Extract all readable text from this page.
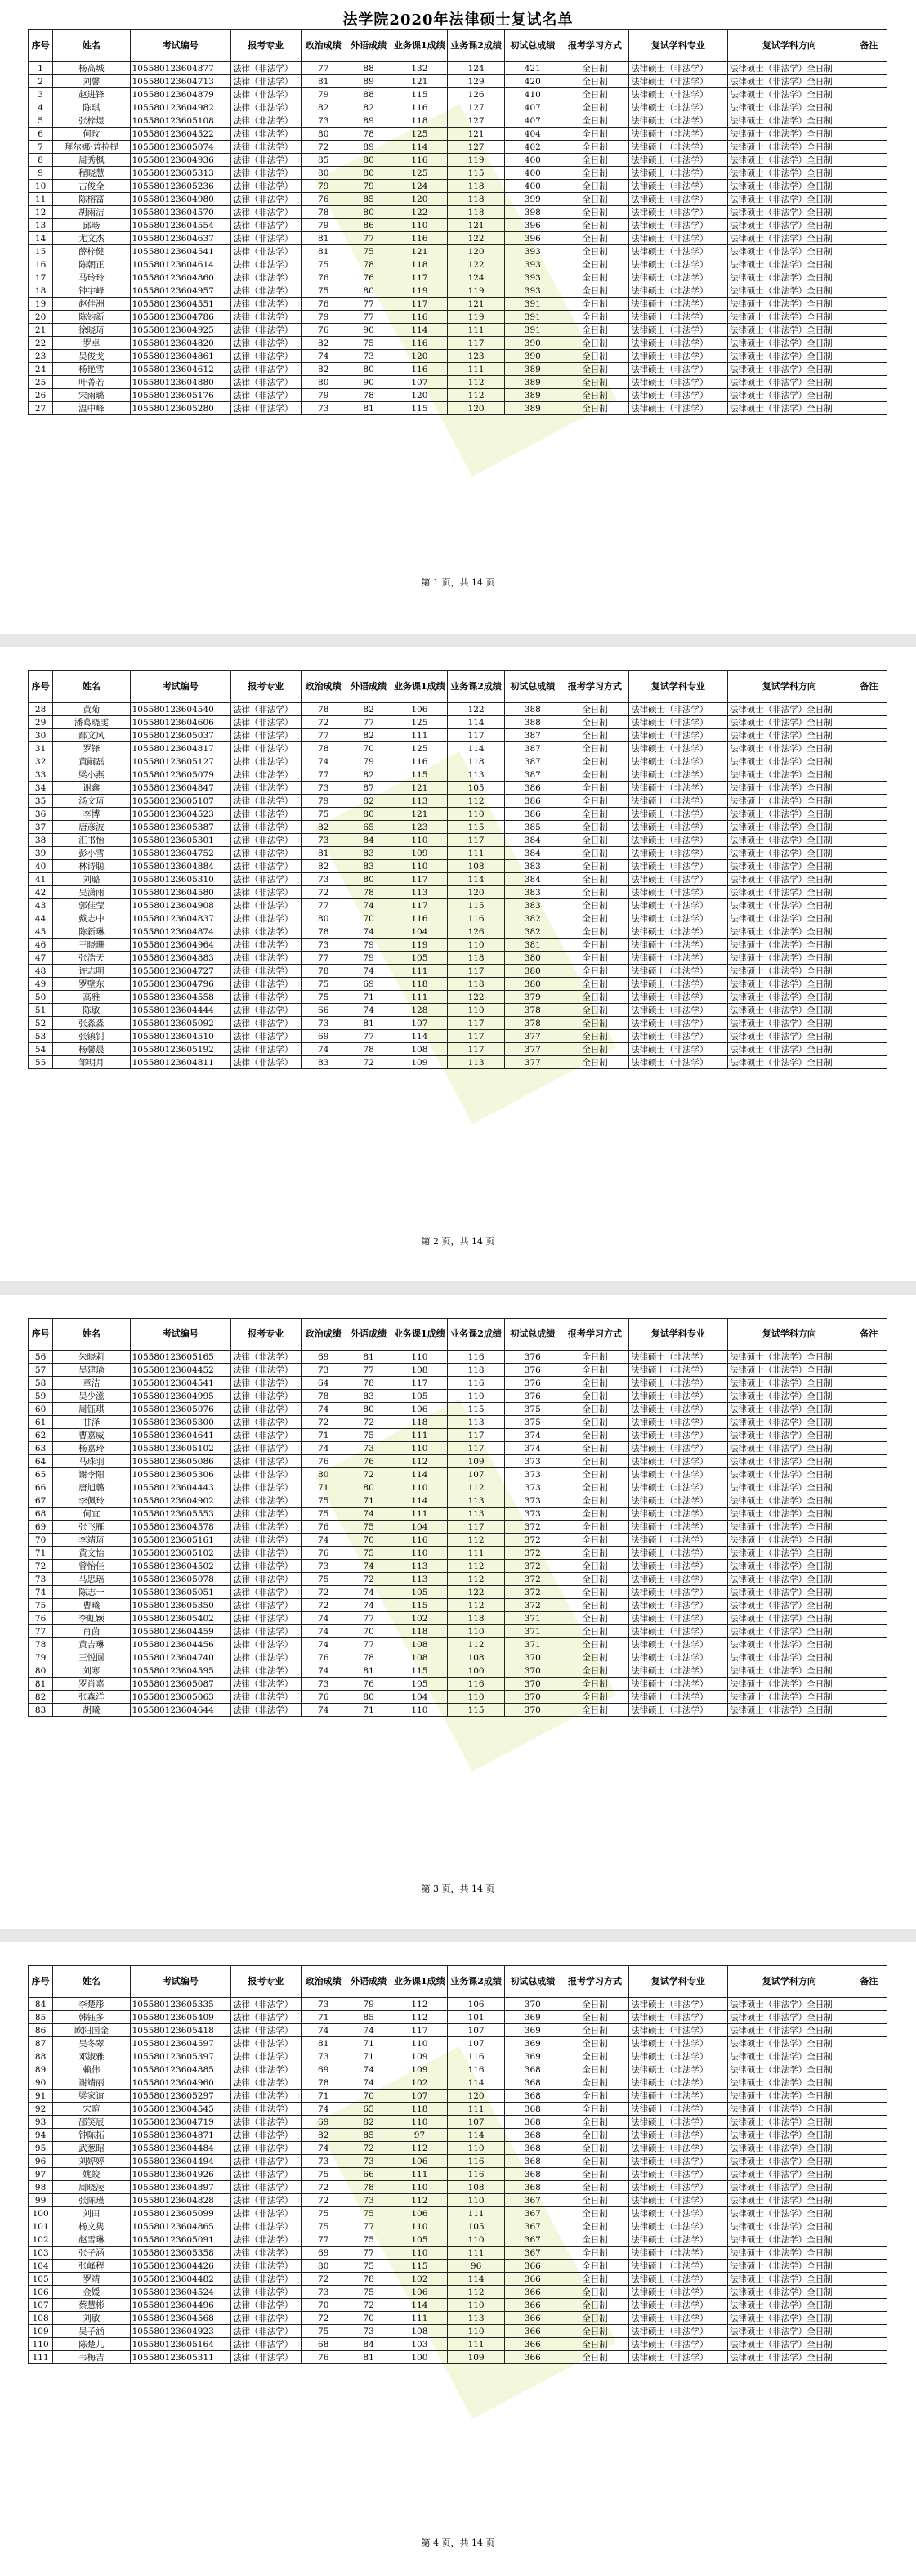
法学院2020年法律硕士复试名单
序号	姓名	考试编号	报考专业	政治成绩	外语成绩	业务课1成绩	业务课2成绩	初试总成绩	报考学习方式	复试学科专业	复试学科方向	备注
1	杨高城	105580123604877	法律（非法学）	77	88	132	124	421	全日制	法律硕士（非法学）	法律硕士（非法学）全日制	
2	刘馨	105580123604713	法律（非法学）	81	89	121	129	420	全日制	法律硕士（非法学）	法律硕士（非法学）全日制	
3	赵进锋	105580123604879	法律（非法学）	79	88	115	126	410	全日制	法律硕士（非法学）	法律硕士（非法学）全日制	
4	陈琪	105580123604982	法律（非法学）	82	82	116	127	407	全日制	法律硕士（非法学）	法律硕士（非法学）全日制	
5	张梓煜	105580123605108	法律（非法学）	73	89	118	127	407	全日制	法律硕士（非法学）	法律硕士（非法学）全日制	
6	何玫	105580123604522	法律（非法学）	80	78	125	121	404	全日制	法律硕士（非法学）	法律硕士（非法学）全日制	
7	拜尔娜·普拉提	105580123605074	法律（非法学）	72	89	114	127	402	全日制	法律硕士（非法学）	法律硕士（非法学）全日制	
8	周秀枫	105580123604936	法律（非法学）	85	80	116	119	400	全日制	法律硕士（非法学）	法律硕士（非法学）全日制	
9	程晓慧	105580123605313	法律（非法学）	80	80	125	115	400	全日制	法律硕士（非法学）	法律硕士（非法学）全日制	
10	古俊全	105580123605236	法律（非法学）	79	79	124	118	400	全日制	法律硕士（非法学）	法律硕士（非法学）全日制	
11	陈榕富	105580123604980	法律（非法学）	76	85	120	118	399	全日制	法律硕士（非法学）	法律硕士（非法学）全日制	
12	胡雨洁	105580123604570	法律（非法学）	78	80	122	118	398	全日制	法律硕士（非法学）	法律硕士（非法学）全日制	
13	邱旸	105580123604554	法律（非法学）	79	86	110	121	396	全日制	法律硕士（非法学）	法律硕士（非法学）全日制	
14	尤文杰	105580123604637	法律（非法学）	81	77	116	122	396	全日制	法律硕士（非法学）	法律硕士（非法学）全日制	
15	薛梓健	105580123604541	法律（非法学）	81	75	121	120	393	全日制	法律硕士（非法学）	法律硕士（非法学）全日制	
16	陈朝正	105580123604614	法律（非法学）	75	78	118	122	393	全日制	法律硕士（非法学）	法律硕士（非法学）全日制	
17	马玲玲	105580123604860	法律（非法学）	76	76	117	124	393	全日制	法律硕士（非法学）	法律硕士（非法学）全日制	
18	钟宇峰	105580123604957	法律（非法学）	75	80	119	119	393	全日制	法律硕士（非法学）	法律硕士（非法学）全日制	
19	赵佳洲	105580123604551	法律（非法学）	76	77	117	121	391	全日制	法律硕士（非法学）	法律硕士（非法学）全日制	
20	陈钧新	105580123604786	法律（非法学）	79	77	116	119	391	全日制	法律硕士（非法学）	法律硕士（非法学）全日制	
21	徐晓琦	105580123604925	法律（非法学）	76	90	114	111	391	全日制	法律硕士（非法学）	法律硕士（非法学）全日制	
22	罗卓	105580123604820	法律（非法学）	82	75	116	117	390	全日制	法律硕士（非法学）	法律硕士（非法学）全日制	
23	吴俊戈	105580123604861	法律（非法学）	74	73	120	123	390	全日制	法律硕士（非法学）	法律硕士（非法学）全日制	
24	杨艳雪	105580123604612	法律（非法学）	82	80	116	111	389	全日制	法律硕士（非法学）	法律硕士（非法学）全日制	
25	叶菁若	105580123604880	法律（非法学）	80	90	107	112	389	全日制	法律硕士（非法学）	法律硕士（非法学）全日制	
26	宋雨璐	105580123605176	法律（非法学）	79	78	120	112	389	全日制	法律硕士（非法学）	法律硕士（非法学）全日制	
27	温中峰	105580123605280	法律（非法学）	73	81	115	120	389	全日制	法律硕士（非法学）	法律硕士（非法学）全日制	
第 1 页，共 14 页
序号	姓名	考试编号	报考专业	政治成绩	外语成绩	业务课1成绩	业务课2成绩	初试总成绩	报考学习方式	复试学科专业	复试学科方向	备注
28	黄菊	105580123604540	法律（非法学）	78	82	106	122	388	全日制	法律硕士（非法学）	法律硕士（非法学）全日制	
29	潘葛晓雯	105580123604606	法律（非法学）	72	77	125	114	388	全日制	法律硕士（非法学）	法律硕士（非法学）全日制	
30	鄢文风	105580123605037	法律（非法学）	77	82	111	117	387	全日制	法律硕士（非法学）	法律硕士（非法学）全日制	
31	罗锋	105580123604817	法律（非法学）	78	70	125	114	387	全日制	法律硕士（非法学）	法律硕士（非法学）全日制	
32	黄嗣磊	105580123605127	法律（非法学）	74	79	116	118	387	全日制	法律硕士（非法学）	法律硕士（非法学）全日制	
33	梁小燕	105580123605079	法律（非法学）	77	82	115	113	387	全日制	法律硕士（非法学）	法律硕士（非法学）全日制	
34	谢鑫	105580123604847	法律（非法学）	73	87	121	105	386	全日制	法律硕士（非法学）	法律硕士（非法学）全日制	
35	汤文琦	105580123605107	法律（非法学）	79	82	113	112	386	全日制	法律硕士（非法学）	法律硕士（非法学）全日制	
36	李博	105580123604523	法律（非法学）	75	80	121	110	386	全日制	法律硕士（非法学）	法律硕士（非法学）全日制	
37	唐彦波	105580123605387	法律（非法学）	82	65	123	115	385	全日制	法律硕士（非法学）	法律硕士（非法学）全日制	
38	汇书怡	105580123605301	法律（非法学）	73	84	110	117	384	全日制	法律硕士（非法学）	法律硕士（非法学）全日制	
39	彭小雪	105580123604752	法律（非法学）	81	83	109	111	384	全日制	法律硕士（非法学）	法律硕士（非法学）全日制	
40	林诗聪	105580123604884	法律（非法学）	82	83	110	108	383	全日制	法律硕士（非法学）	法律硕士（非法学）全日制	
41	刘璐	105580123605310	法律（非法学）	73	80	117	114	384	全日制	法律硕士（非法学）	法律硕士（非法学）全日制	
42	吴潇雨	105580123604580	法律（非法学）	72	78	113	120	383	全日制	法律硕士（非法学）	法律硕士（非法学）全日制	
43	郭佳莹	105580123604908	法律（非法学）	77	74	117	115	383	全日制	法律硕士（非法学）	法律硕士（非法学）全日制	
44	戴志中	105580123604837	法律（非法学）	80	70	116	116	382	全日制	法律硕士（非法学）	法律硕士（非法学）全日制	
45	陈新琳	105580123604874	法律（非法学）	78	74	104	126	382	全日制	法律硕士（非法学）	法律硕士（非法学）全日制	
46	王晓珊	105580123604964	法律（非法学）	73	79	119	110	381	全日制	法律硕士（非法学）	法律硕士（非法学）全日制	
47	张浩天	105580123604883	法律（非法学）	77	79	105	118	380	全日制	法律硕士（非法学）	法律硕士（非法学）全日制	
48	许志明	105580123604727	法律（非法学）	78	74	111	117	380	全日制	法律硕士（非法学）	法律硕士（非法学）全日制	
49	罗壁东	105580123604796	法律（非法学）	75	69	118	118	380	全日制	法律硕士（非法学）	法律硕士（非法学）全日制	
50	高雅	105580123604558	法律（非法学）	75	71	111	122	379	全日制	法律硕士（非法学）	法律硕士（非法学）全日制	
51	陈敏	105580123604444	法律（非法学）	66	74	128	110	378	全日制	法律硕士（非法学）	法律硕士（非法学）全日制	
52	张淼淼	105580123605092	法律（非法学）	73	81	107	117	378	全日制	法律硕士（非法学）	法律硕士（非法学）全日制	
53	张镇钊	105580123604510	法律（非法学）	69	77	114	117	377	全日制	法律硕士（非法学）	法律硕士（非法学）全日制	
54	杨馨晨	105580123605192	法律（非法学）	74	78	108	117	377	全日制	法律硕士（非法学）	法律硕士（非法学）全日制	
55	邹明月	105580123604811	法律（非法学）	83	72	109	113	377	全日制	法律硕士（非法学）	法律硕士（非法学）全日制	
第 2 页，共 14 页
序号	姓名	考试编号	报考专业	政治成绩	外语成绩	业务课1成绩	业务课2成绩	初试总成绩	报考学习方式	复试学科专业	复试学科方向	备注
56	朱晓莉	105580123605165	法律（非法学）	69	81	110	116	376	全日制	法律硕士（非法学）	法律硕士（非法学）全日制	
57	吴建瑜	105580123604452	法律（非法学）	73	77	108	118	376	全日制	法律硕士（非法学）	法律硕士（非法学）全日制	
58	章洁	105580123604541	法律（非法学）	64	78	117	116	376	全日制	法律硕士（非法学）	法律硕士（非法学）全日制	
59	吴少滋	105580123604995	法律（非法学）	78	83	105	110	376	全日制	法律硕士（非法学）	法律硕士（非法学）全日制	
60	周钰琪	105580123605076	法律（非法学）	74	80	106	115	375	全日制	法律硕士（非法学）	法律硕士（非法学）全日制	
61	甘泽	105580123605300	法律（非法学）	72	72	118	113	375	全日制	法律硕士（非法学）	法律硕士（非法学）全日制	
62	曹嘉威	105580123604641	法律（非法学）	71	75	111	117	374	全日制	法律硕士（非法学）	法律硕士（非法学）全日制	
63	杨嘉玲	105580123605102	法律（非法学）	74	73	110	117	374	全日制	法律硕士（非法学）	法律硕士（非法学）全日制	
64	马珠羽	105580123605086	法律（非法学）	76	76	112	109	373	全日制	法律硕士（非法学）	法律硕士（非法学）全日制	
65	谢李阳	105580123605306	法律（非法学）	80	72	114	107	373	全日制	法律硕士（非法学）	法律硕士（非法学）全日制	
66	唐旭璐	105580123604443	法律（非法学）	71	80	110	112	373	全日制	法律硕士（非法学）	法律硕士（非法学）全日制	
67	李佩玲	105580123604902	法律（非法学）	75	71	114	113	373	全日制	法律硕士（非法学）	法律硕士（非法学）全日制	
68	何宜	105580123605553	法律（非法学）	75	74	111	113	373	全日制	法律硕士（非法学）	法律硕士（非法学）全日制	
69	张飞雁	105580123604578	法律（非法学）	76	75	104	117	372	全日制	法律硕士（非法学）	法律硕士（非法学）全日制	
70	李靖琦	105580123605161	法律（非法学）	74	70	116	112	372	全日制	法律硕士（非法学）	法律硕士（非法学）全日制	
71	黄文怡	105580123605102	法律（非法学）	76	75	110	111	372	全日制	法律硕士（非法学）	法律硕士（非法学）全日制	
72	曾怡佳	105580123604502	法律（非法学）	73	74	113	112	372	全日制	法律硕士（非法学）	法律硕士（非法学）全日制	
73	马思瑶	105580123605078	法律（非法学）	75	72	113	112	372	全日制	法律硕士（非法学）	法律硕士（非法学）全日制	
74	陈志一	105580123605051	法律（非法学）	72	74	105	122	372	全日制	法律硕士（非法学）	法律硕士（非法学）全日制	
75	曹曦	105580123605350	法律（非法学）	72	74	115	112	372	全日制	法律硕士（非法学）	法律硕士（非法学）全日制	
76	李虹颖	105580123605402	法律（非法学）	74	77	102	118	371	全日制	法律硕士（非法学）	法律硕士（非法学）全日制	
77	肖茵	105580123604459	法律（非法学）	74	70	118	110	371	全日制	法律硕士（非法学）	法律硕士（非法学）全日制	
78	黄吉琳	105580123604456	法律（非法学）	74	77	108	112	371	全日制	法律硕士（非法学）	法律硕士（非法学）全日制	
79	王悦圆	105580123604740	法律（非法学）	76	78	108	108	370	全日制	法律硕士（非法学）	法律硕士（非法学）全日制	
80	刘寒	105580123604595	法律（非法学）	74	81	115	100	370	全日制	法律硕士（非法学）	法律硕士（非法学）全日制	
81	罗肖嘉	105580123605087	法律（非法学）	73	76	105	116	370	全日制	法律硕士（非法学）	法律硕士（非法学）全日制	
82	张森洋	105580123605063	法律（非法学）	76	80	104	110	370	全日制	法律硕士（非法学）	法律硕士（非法学）全日制	
83	胡曦	105580123604644	法律（非法学）	74	71	110	115	370	全日制	法律硕士（非法学）	法律硕士（非法学）全日制	
第 3 页，共 14 页
序号	姓名	考试编号	报考专业	政治成绩	外语成绩	业务课1成绩	业务课2成绩	初试总成绩	报考学习方式	复试学科专业	复试学科方向	备注
84	李楚彤	105580123605335	法律（非法学）	73	79	112	106	370	全日制	法律硕士（非法学）	法律硕士（非法学）全日制	
85	韩钰多	105580123605409	法律（非法学）	71	85	112	101	369	全日制	法律硕士（非法学）	法律硕士（非法学）全日制	
86	欧阳国金	105580123605418	法律（非法学）	74	74	117	107	369	全日制	法律硕士（非法学）	法律硕士（非法学）全日制	
87	吴冬翠	105580123604597	法律（非法学）	81	71	110	107	369	全日制	法律硕士（非法学）	法律硕士（非法学）全日制	
88	邓淑雅	105580123605397	法律（非法学）	73	71	109	116	369	全日制	法律硕士（非法学）	法律硕士（非法学）全日制	
89	赖伟	105580123604885	法律（非法学）	69	74	109	116	368	全日制	法律硕士（非法学）	法律硕士（非法学）全日制	
90	谢靖丽	105580123604960	法律（非法学）	78	74	102	114	368	全日制	法律硕士（非法学）	法律硕士（非法学）全日制	
91	梁家谊	105580123605297	法律（非法学）	71	70	107	120	368	全日制	法律硕士（非法学）	法律硕士（非法学）全日制	
92	宋暄	105580123604545	法律（非法学）	74	65	118	111	368	全日制	法律硕士（非法学）	法律硕士（非法学）全日制	
93	邵笑辰	105580123604719	法律（非法学）	69	82	110	107	368	全日制	法律硕士（非法学）	法律硕士（非法学）全日制	
94	钟陈拓	105580123604871	法律（非法学）	82	85	97	114	368	全日制	法律硕士（非法学）	法律硕士（非法学）全日制	
95	武葱昭	105580123604484	法律（非法学）	74	72	112	110	368	全日制	法律硕士（非法学）	法律硕士（非法学）全日制	
96	刘婷婷	105580123604494	法律（非法学）	73	73	106	116	368	全日制	法律硕士（非法学）	法律硕士（非法学）全日制	
97	姚皎	105580123604926	法律（非法学）	75	66	111	116	368	全日制	法律硕士（非法学）	法律硕士（非法学）全日制	
98	周晓凌	105580123604897	法律（非法学）	72	78	110	108	368	全日制	法律硕士（非法学）	法律硕士（非法学）全日制	
99	张陈瑾	105580123604828	法律（非法学）	72	73	112	110	367	全日制	法律硕士（非法学）	法律硕士（非法学）全日制	
100	刘田	105580123605099	法律（非法学）	75	75	106	111	367	全日制	法律硕士（非法学）	法律硕士（非法学）全日制	
101	杨文隽	105580123604865	法律（非法学）	75	77	110	105	367	全日制	法律硕士（非法学）	法律硕士（非法学）全日制	
102	赵雪琳	105580123605091	法律（非法学）	77	75	105	110	367	全日制	法律硕士（非法学）	法律硕士（非法学）全日制	
103	张子涵	105580123605358	法律（非法学）	69	77	110	111	367	全日制	法律硕士（非法学）	法律硕士（非法学）全日制	
104	张峰程	105580123604426	法律（非法学）	80	75	115	96	366	全日制	法律硕士（非法学）	法律硕士（非法学）全日制	
105	罗靖	105580123604482	法律（非法学）	72	78	102	114	366	全日制	法律硕士（非法学）	法律硕士（非法学）全日制	
106	金媛	105580123604524	法律（非法学）	73	75	106	112	366	全日制	法律硕士（非法学）	法律硕士（非法学）全日制	
107	蔡慧彬	105580123604496	法律（非法学）	70	72	114	110	366	全日制	法律硕士（非法学）	法律硕士（非法学）全日制	
108	刘敏	105580123604568	法律（非法学）	72	70	111	113	366	全日制	法律硕士（非法学）	法律硕士（非法学）全日制	
109	吴子涵	105580123604923	法律（非法学）	75	73	108	110	366	全日制	法律硕士（非法学）	法律硕士（非法学）全日制	
110	陈楚儿	105580123605164	法律（非法学）	68	84	103	111	366	全日制	法律硕士（非法学）	法律硕士（非法学）全日制	
111	韦梅吉	105580123605311	法律（非法学）	76	81	100	109	366	全日制	法律硕士（非法学）	法律硕士（非法学）全日制	
第 4 页，共 14 页
